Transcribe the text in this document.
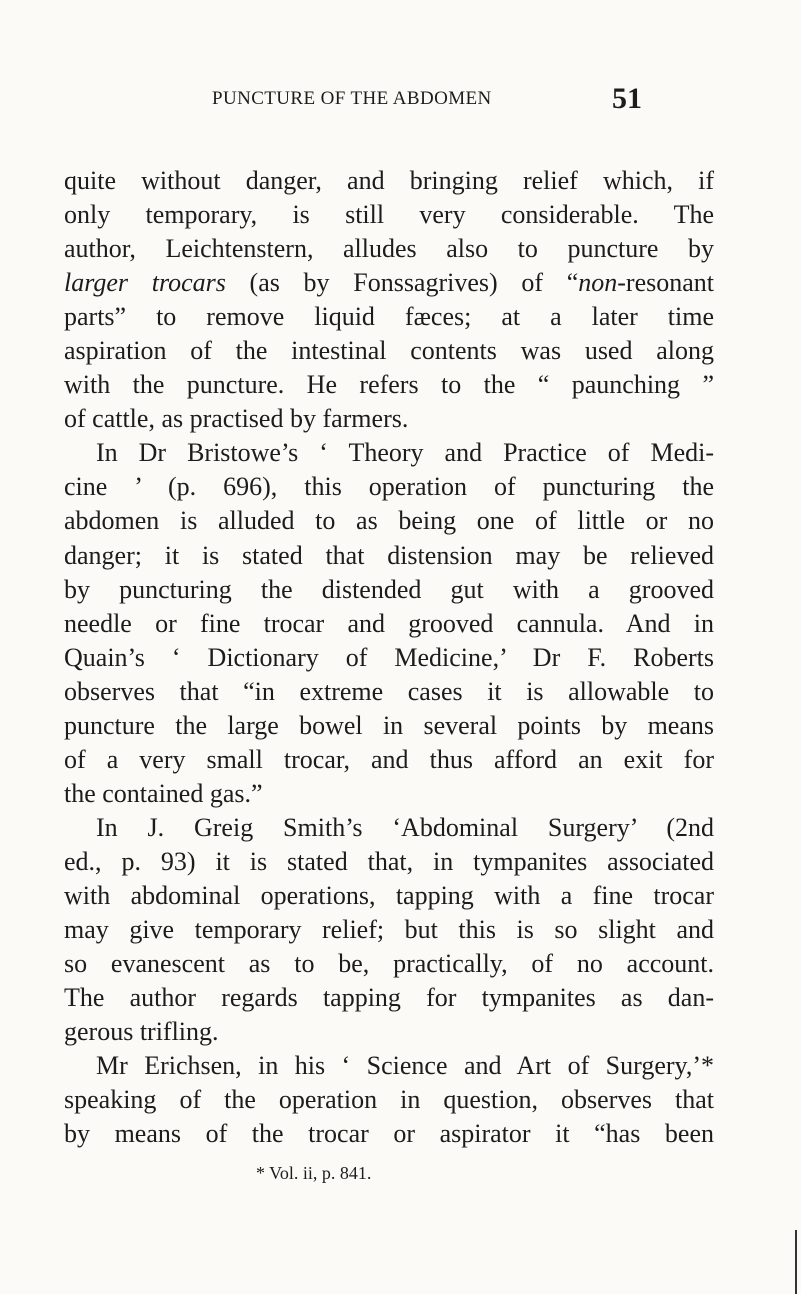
PUNCTURE OF THE ABDOMEN	51
quite without danger, and bringing relief which, if
only temporary, is still very considerable. The
author, Leichtenstern, alludes also to puncture by
larger trocars (as by Fonssagrives) of “non-resonant
parts” to remove liquid fæces; at a later time
aspiration of the intestinal contents was used along
with the puncture. He refers to the “ paunching ”
of cattle, as practised by farmers.
In Dr Bristowe’s ‘ Theory and Practice of Medi-
cine ’ (p. 696), this operation of puncturing the
abdomen is alluded to as being one of little or no
danger; it is stated that distension may be relieved
by puncturing the distended gut with a grooved
needle or fine trocar and grooved cannula. And in
Quain’s ‘ Dictionary of Medicine,’ Dr F. Roberts
observes that “in extreme cases it is allowable to
puncture the large bowel in several points by means
of a very small trocar, and thus afford an exit for
the contained gas.”
In J. Greig Smith’s ‘Abdominal Surgery’ (2nd
ed., p. 93) it is stated that, in tympanites associated
with abdominal operations, tapping with a fine trocar
may give temporary relief; but this is so slight and
so evanescent as to be, practically, of no account.
The author regards tapping for tympanites as dan-
gerous trifling.
Mr Erichsen, in his ‘ Science and Art of Surgery,’*
speaking of the operation in question, observes that
by means of the trocar or aspirator it “has been
* Vol. ii, p. 841.
